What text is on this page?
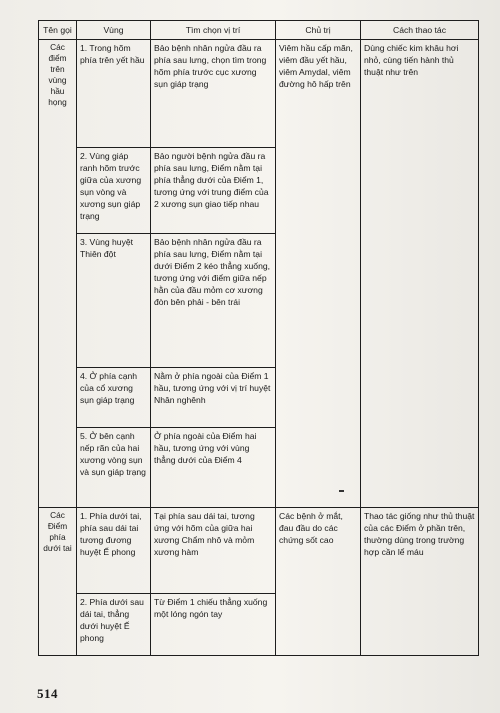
Tên gọi	Vùng	Tìm chọn vị trí	Chủ trị	Cách thao tác
Các điểm trên vùng hầu họng	1. Trong hõm phía trên yết hầu	Bảo bệnh nhân ngửa đầu ra phía sau lưng, chọn tìm trong hõm phía trước cục xương sụn giáp trạng	Viêm hầu cấp mãn, viêm đầu yết hầu, viêm Amydal, viêm đường hô hấp trên	Dùng chiếc kim khâu hơi nhỏ, cùng tiến hành thủ thuật như trên
	2. Vùng giáp ranh hõm trước giữa của xương sụn vòng và xương sụn giáp trạng	Bảo người bệnh ngửa đầu ra phía sau lưng, Điểm nằm tại phía thẳng dưới của Điểm 1, tương ứng với trung điểm của 2 xương sụn giao tiếp nhau		
	3. Vùng huyệt Thiên đột	Bảo bệnh nhân ngửa đầu ra phía sau lưng, Điểm nằm tại dưới Điểm 2 kéo thẳng xuống, tương ứng với điểm giữa nếp hằn của đầu mỏm cơ xương đòn bên phải - bên trái		
	4. Ở phía cạnh của cổ xương sụn giáp trạng	Nằm ở phía ngoài của Điểm 1 hầu, tương ứng với vị trí huyệt Nhân nghênh		
	5. Ở bên cạnh nếp rãn của hai xương vòng sụn và sụn giáp trạng	Ở phía ngoài của Điểm hai hầu, tương ứng với vùng thẳng dưới của Điểm 4		
Các Điểm phía dưới tai	1. Phía dưới tai, phía sau dái tai tương đương huyệt Ế phong	Tại phía sau dái tai, tương ứng với hõm của giữa hai xương Chẩm nhô và mỏm xương hàm	Các bệnh ở mắt, đau đầu do các chứng sốt cao	Thao tác giống như thủ thuật của các Điểm ở phần trên, thường dùng trong trường hợp cần lể máu
	2. Phía dưới sau dái tai, thẳng dưới huyệt Ế phong	Từ Điểm 1 chiếu thẳng xuống một lóng ngón tay		
514
